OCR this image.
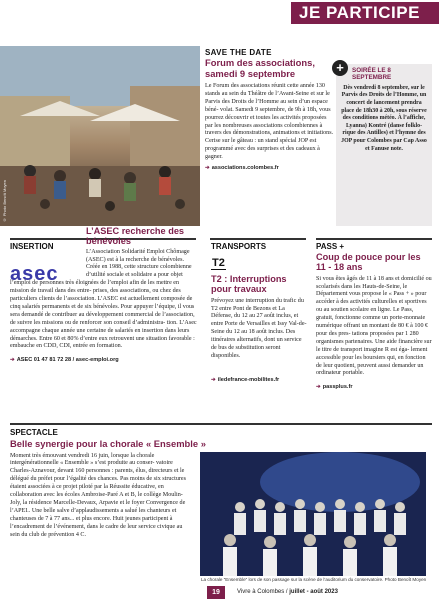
JE PARTICIPE
© Photo Benoît Moyen
SAVE THE DATE
Forum des associations, samedi 9 septembre
Le Forum des associations réunit cette année 130 stands au sein du Théâtre de l’Avant-Seine et sur le Parvis des Droits de l’Homme au sein d’un espace béné- volat. Samedi 9 septembre, de 9h à 18h, vous pourrez découvrir et toutes les activités proposées par les nombreuses associations colombiennes à travers des démonstrations, animations et initiations. Cerise sur le gâteau : un stand spécial JOP est programmé avec des surprises et des cadeaux à gagner.
➔ associations.colombes.fr
SOIRÉE LE 8 SEPTEMBRE
Dès vendredi 8 septembre, sur le Parvis des Droits de l’Homme, un concert de lancement prendra place de 18h30 à 20h, sous réserve des conditions météo. À l’affiche, Lyanna) Kontré (danse folklo- rique des Antilles) et l’hymne des JOP pour Colombes par Cap Asso et Fanuse note.
+
INSERTION
asec
L’ASEC recherche des bénévoles
L’Association Solidarité Emploi Chômage (ASEC) est à la recherche de bénévoles. Créée en 1988, cette structure colombienne d’utilité sociale et solidaire a pour objet
l’emploi de personnes très éloignées de l’emploi afin de les mettre en mission de travail dans des entre- prises, des associations, ou chez des particuliers clients de l’association. L’ASEC est actuellement composée de cinq salariés permanents et de six bénévoles. Pour appuyer l’équipe, il vous sera demandé de contribuer au développement commercial de l’association, de suivre les missions ou de renforcer son conseil d’administra- tion. L’Asec accompagne chaque année une certaine de salariés en insertion dans leurs démarches. Entre 60 et 80% d’entre eux retrouvent une situation favorable : embauche en CDD, CDI, entrée en formation.
➔ ASEC 01 47 81 72 28 / asec-emploi.org
TRANSPORTS
T2
T2 : Interruptions pour travaux
Prévoyez une interruption du trafic du T2 entre Pont de Bezons et La Défense, du 12 au 27 août inclus, et entre Porte de Versailles et Issy Val-de-Seine du 12 au 18 août inclus. Des itinéraires alternatifs, dont un service de bus de substitution seront disponibles.
➔ iledefrance-mobilites.fr
PASS +
Coup de pouce pour les 11 - 18 ans
Si vous êtes âgés de 11 à 18 ans et domicilié ou scolarisés dans les Hauts-de-Seine, le Département vous propose le « Pass + » pour accéder à des activités culturelles et sportives ou au soutien scolaire en ligne. Le Pass, gratuit, fonctionne comme un porte-monnaie numérique offrant un montant de 80 € à 100 € pour des pres- tations proposées par 1 280 organismes partenaires. Une aide financière sur le titre de transport imagine R est éga- lement accessible pour les boursiers qui, en fonction de leur quotient, peuvent aussi demander un ordinateur portable.
➔ passplus.fr
SPECTACLE
Belle synergie pour la chorale « Ensemble »
Moment très émouvant vendredi 16 juin, lorsque la chorale intergénérationnelle « Ensemble » s’est produite au conser- vatoire Charles-Aznavour, devant 160 personnes : parents, élus, directeurs et le délégué du préfet pour l’égalité des chances. Pas moins de six structures étaient associées à ce projet piloté par la Réussite éducative, en collaboration avec les écoles Ambroise-Paré A et B, le collège Moulin-Joly, la résidence Marcelle-Devaux, Arpavie et le foyer Convergence de l’APEI.. Une belle salve d’applaudissements a salué les chanteurs et chanteuses de 7 à 77 ans... et plus encore. Huit jeunes participent à l’encadrement de l’événement, dans le cadre de leur service civique au sein du club de prévention 4 C.
La chorale “Ensemble” lors de son passage sur la scène de l’auditorium du conservatoire. Photo Benoît Moyen
19	Vivre à Colombes / juillet - août 2023
